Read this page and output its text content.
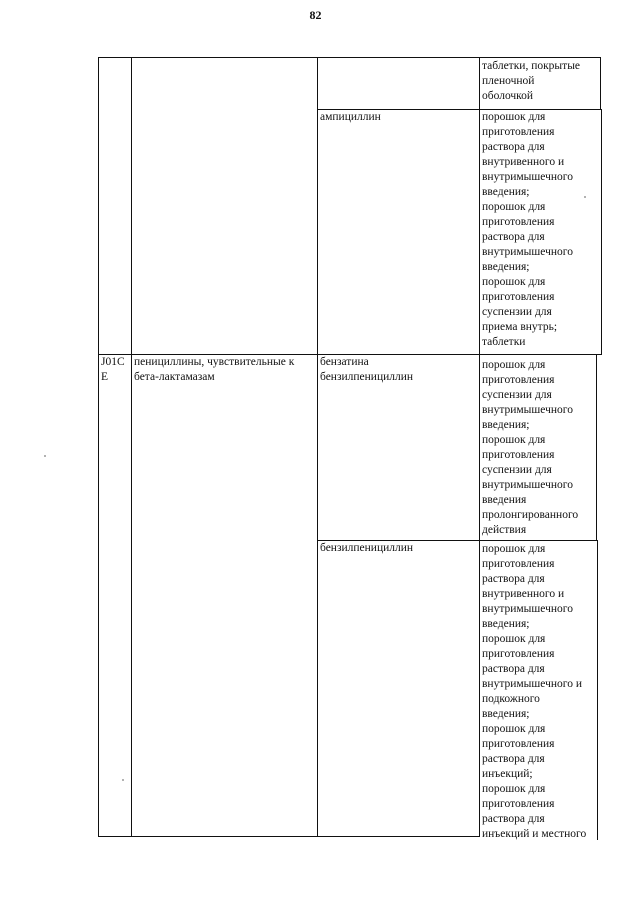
82
таблетки, покрытые
пленочной
оболочкой
ампициллин	порошок для
приготовления
раствора для
внутривенного и
внутримышечного
введения;
порошок для
приготовления
раствора для
внутримышечного
введения;
порошок для
приготовления
суспензии для
приема внутрь;
таблетки
J01C
E
пенициллины, чувствительные к
бета-лактамазам
бензатина
бензилпенициллин
порошок для
приготовления
суспензии для
внутримышечного
введения;
порошок для
приготовления
суспензии для
внутримышечного
введения
пролонгированного
действия
бензилпенициллин	порошок для
приготовления
раствора для
внутривенного и
внутримышечного
введения;
порошок для
приготовления
раствора для
внутримышечного и
подкожного
введения;
порошок для
приготовления
раствора для
инъекций;
порошок для
приготовления
раствора для
инъекций и местного
